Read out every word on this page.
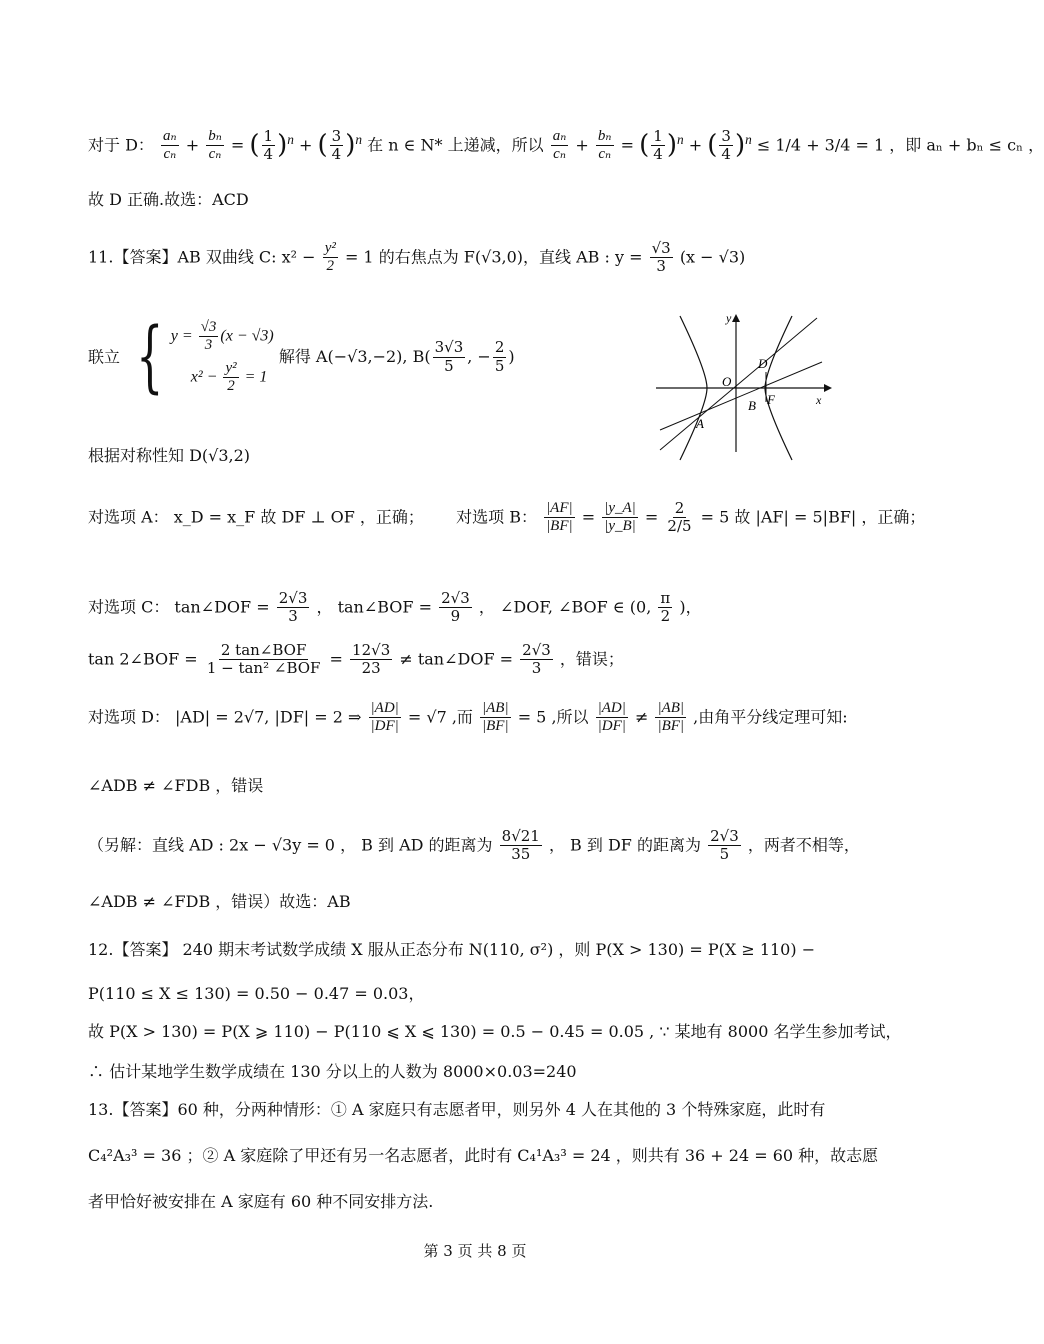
对于 D： $\frac{\text{aₙ}}{\text{cₙ}} + \frac{\text{bₙ}}{\text{cₙ}}$ = ( $\frac{1}{4} )^n$ + ( $\frac{3}{4} )^n$ 在 n ∈ N* 上递减，所以 $\frac{\text{aₙ}}{\text{cₙ}} + \frac{\text{bₙ}}{\text{cₙ}}$ = ( $\frac{1}{4} )^n$ + ( $\frac{3}{4} )^n \le 1/4 + 3/4 = 1$ ，即 aₙ + bₙ ≤ cₙ ，
故 D 正确.故选：ACD
11.【答案】AB 双曲线 C: $x^2 - \frac{\text{y²}}{2} = 1$ 的右焦点为 F(√3,0)，直线 AB : $y = \frac{√3}{3} (x - √3)$
联立 { $y = \frac{√3}{3} (x - √3)$
$x^2 - \frac{\text{y²}}{2} = 1$
解得 A(−√3,−2), $B( \frac{3√3}{5}$ , − $\frac{2}{5}$ )
y
x
O
A
B
D
F
根据对称性知 D(√3,2)
对选项 A： x_D = x_F 故 DF ⊥ OF ，正确； 对选项 B： $\frac{|AF|}{|BF|} = \frac{|y\_A|}{|y\_B|} = \frac{2}{2/5} = 5$ 故 |AF| = 5|BF| ，正确；
对选项 C： tan∠DOF = $\frac{2√3}{3}$ ， tan∠BOF = $\frac{2√3}{9}$ ， ∠DOF, ∠BOF ∈ (0, $\frac{\pi}{2}$ )，
tan 2∠BOF = $\frac{\text{2 tan∠BOF}}{\text{1 − tan² ∠BOF}} = \frac{12√3}{23}$ ≠ tan∠DOF = $\frac{2√3}{3}$ ，错误；
对选项 D： |AD| = 2√7, |DF| = 2 ⇒ $\frac{|AD|}{|DF|} = √7$ ,而 $\frac{|AB|}{|BF|} = 5$ ,所以 $\frac{|AD|}{|DF|} \ne \frac{|AB|}{|BF|}$ ,由角平分线定理可知:
∠ADB ≠ ∠FDB ，错误
（另解：直线 AD : 2x − √3y = 0 ， B 到 AD 的距离为 $\frac{8√21}{35}$ ， B 到 DF 的距离为 $\frac{2√3}{5}$ ，两者不相等，
∠ADB ≠ ∠FDB ，错误）故选：AB
12.【答案】 240 期末考试数学成绩 X 服从正态分布 N(110, σ²) ，则 P(X > 130) = P(X ≥ 110) −
P(110 ≤ X ≤ 130) = 0.50 − 0.47 = 0.03，
故 P(X > 130) = P(X ⩾ 110) − P(110 ⩽ X ⩽ 130) = 0.5 − 0.45 = 0.05 , ∵ 某地有 8000 名学生参加考试，
∴ 估计某地学生数学成绩在 130 分以上的人数为 8000×0.03=240
13.【答案】60 种，分两种情形：① A 家庭只有志愿者甲，则另外 4 人在其他的 3 个特殊家庭，此时有
C₄²A₃³ = 36 ；② A 家庭除了甲还有另一名志愿者，此时有 C₄¹A₃³ = 24 ，则共有 36 + 24 = 60 种，故志愿
者甲恰好被安排在 A 家庭有 60 种不同安排方法.
第 3 页 共 8 页
